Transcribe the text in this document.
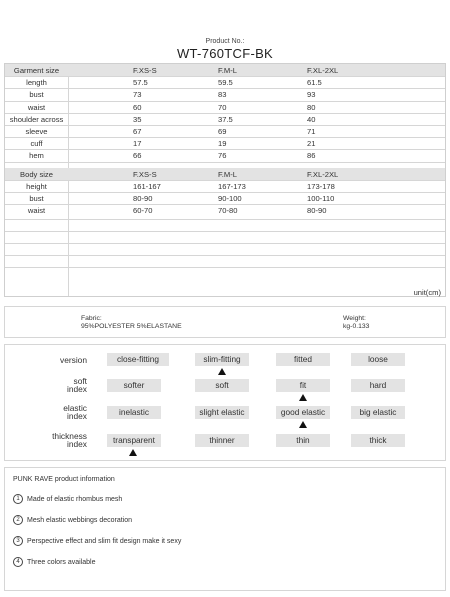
Product No.:
WT-760TCF-BK
Garment size	F.XS-S	F.M-L	F.XL-2XL
length	57.5	59.5	61.5
bust	73	83	93
waist	60	70	80
shoulder across	35	37.5	40
sleeve	67	69	71
cuff	17	19	21
hem	66	76	86
Body size	F.XS-S	F.M-L	F.XL-2XL
height	161-167	167-173	173-178
bust	80-90	90-100	100-110
waist	60-70	70-80	80-90
unit(cm)
Fabric:
95%POLYESTER 5%ELASTANE
Weight:
kg-0.133
version	close-fitting	slim-fitting	fitted	loose
soft
index	softer	soft	fit	hard
elastic
index	inelastic	slight elastic	good elastic	big elastic
thickness
index	transparent	thinner	thin	thick
PUNK RAVE product information
1 Made of elastic rhombus mesh
2 Mesh elastic webbings decoration
3 Perspective effect and slim fit design make it sexy
4 Three colors available
